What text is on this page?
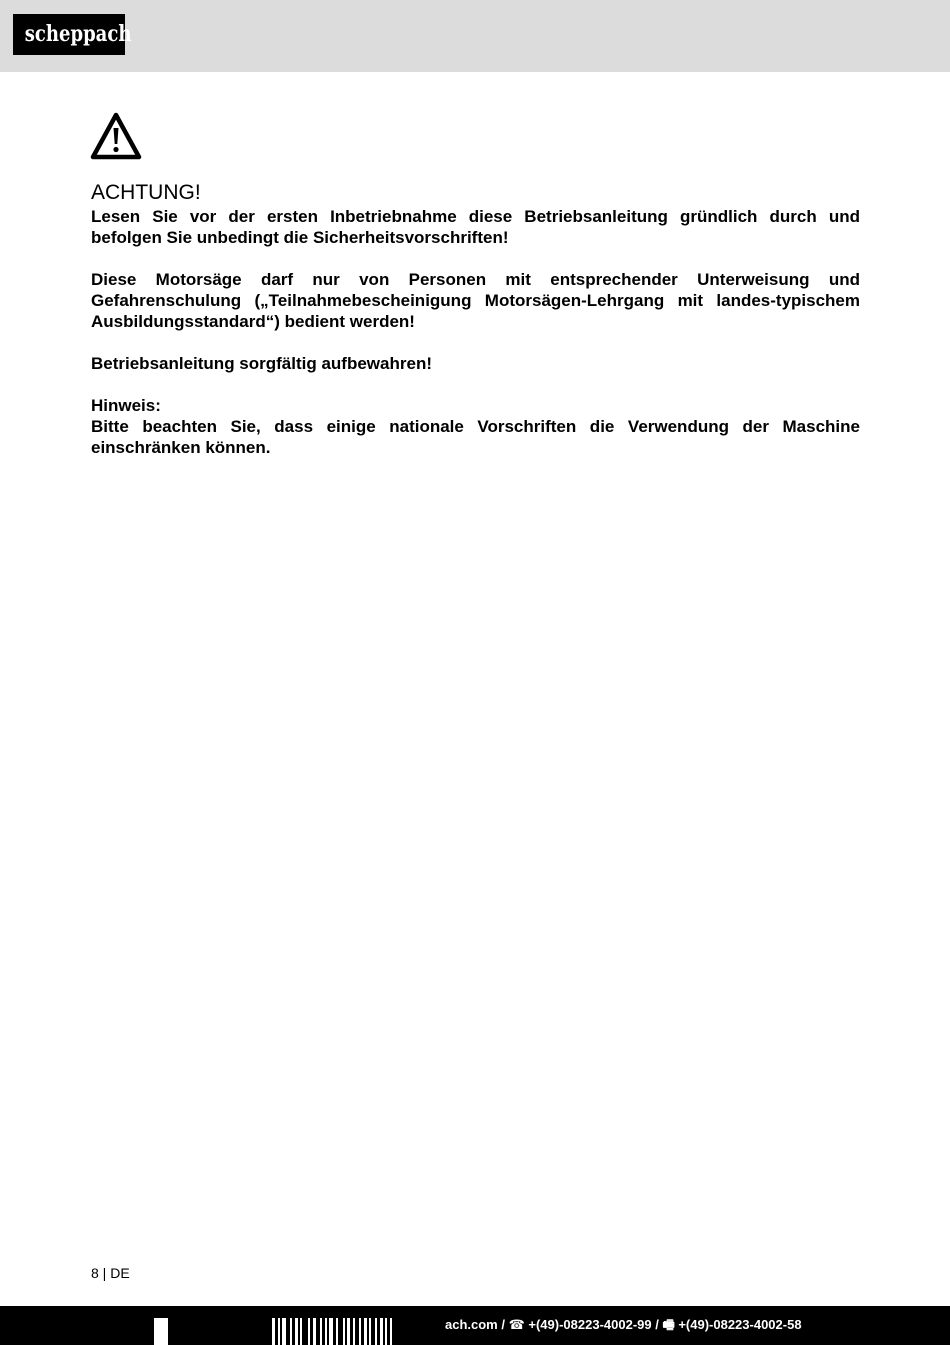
scheppach

ACHTUNG!

Lesen Sie vor der ersten Inbetriebnahme diese Betriebsanleitung gründlich durch und befolgen Sie unbedingt die Sicherheitsvorschriften!

Diese Motorsäge darf nur von Personen mit entsprechender Unterweisung und Gefahrenschulung („Teilnahmebescheinigung Motorsägen-Lehrgang mit landes-typischem Ausbildungsstandard“) bedient werden!

Betriebsanleitung sorgfältig aufbewahren!

Hinweis:

Bitte beachten Sie, dass einige nationale Vorschriften die Verwendung der Maschine einschränken können.

8 | DE
ach.com / ☎ +(49)-08223-4002-99 / 🖷 +(49)-08223-4002-58
